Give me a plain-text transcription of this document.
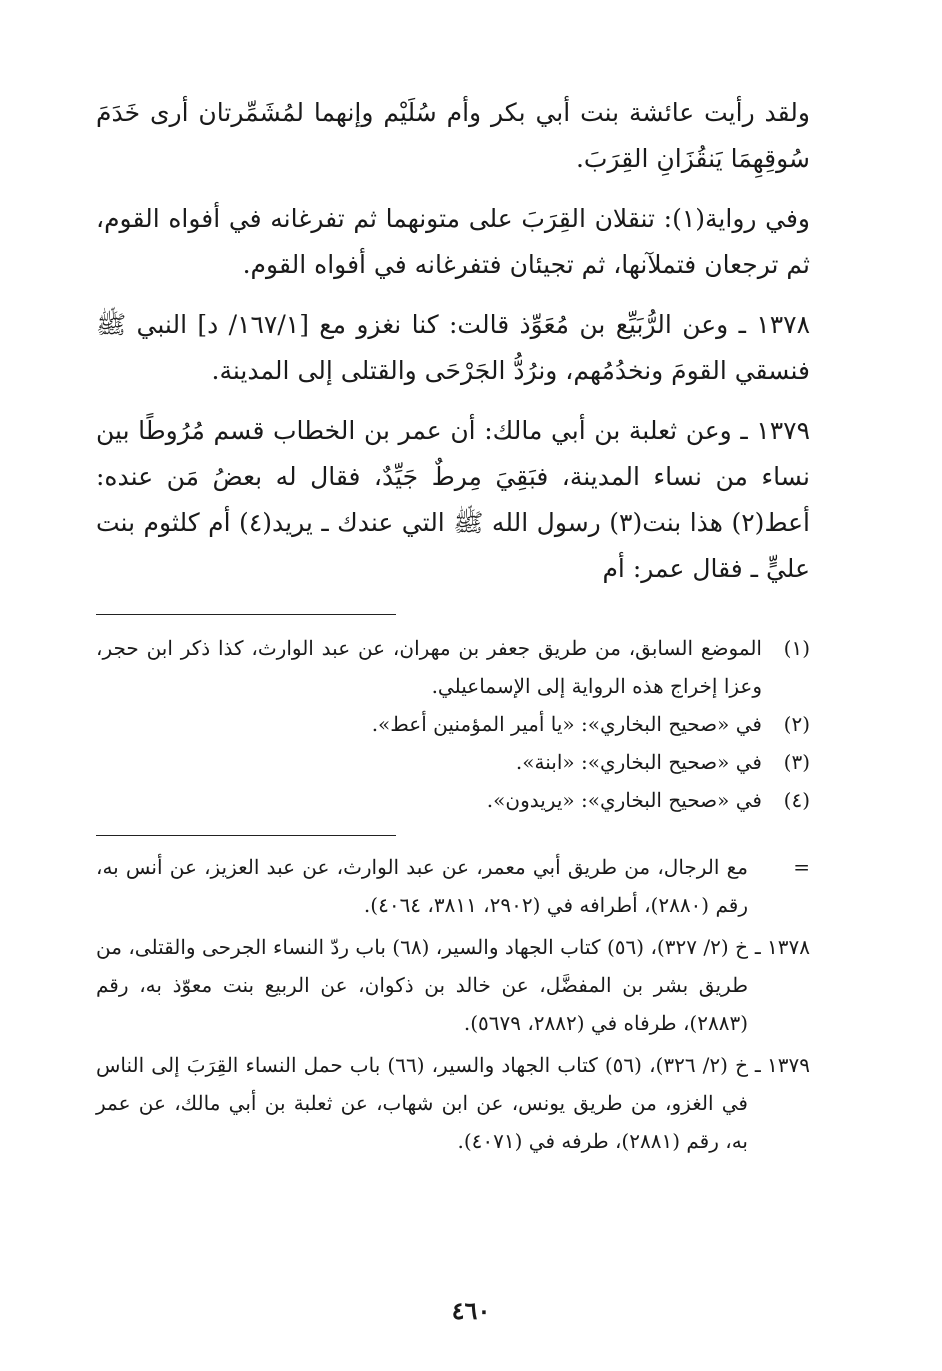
ولقد رأيت عائشة بنت أبي بكر وأم سُلَيْم وإنهما لمُشَمِّرتان أرى خَدَمَ سُوقِهِمَا يَنقُزَانِ القِرَبَ.

وفي رواية(١): تنقلان القِرَبَ على متونهما ثم تفرغانه في أفواه القوم، ثم ترجعان فتملآنها، ثم تجيئان فتفرغانه في أفواه القوم.

١٣٧٨ ـ وعن الرُّبَيِّع بن مُعَوِّذ قالت: كنا نغزو مع [١٦٧/١/ د] النبي ﷺ فنسقي القومَ ونخدُمُهم، ونرُدُّ الجَرْحَى والقتلى إلى المدينة.

١٣٧٩ ـ وعن ثعلبة بن أبي مالك: أن عمر بن الخطاب قسم مُرُوطًا بين نساء من نساء المدينة، فبَقِيَ مِرطٌ جَيِّدٌ، فقال له بعضُ مَن عنده: أعط(٢) هذا بنت(٣) رسول الله ﷺ التي عندك ـ يريد(٤) أم كلثوم بنت عليٍّ ـ فقال عمر: أم

(١)
الموضع السابق، من طريق جعفر بن مهران، عن عبد الوارث، كذا ذكر ابن حجر، وعزا إخراج هذه الرواية إلى الإسماعيلي.
(٢)
في «صحيح البخاري»: «يا أمير المؤمنين أعط».
(٣)
في «صحيح البخاري»: «ابنة».
(٤)
في «صحيح البخاري»: «يريدون».
=
مع الرجال، من طريق أبي معمر، عن عبد الوارث، عن عبد العزيز، عن أنس به، رقم (٢٨٨٠)، أطرافه في (٢٩٠٢، ٣٨١١، ٤٠٦٤).
١٣٧٨ ـ
خ (٢/ ٣٢٧)، (٥٦) كتاب الجهاد والسير، (٦٨) باب ردّ النساء الجرحى والقتلى، من طريق بشر بن المفضَّل، عن خالد بن ذكوان، عن الربيع بنت معوّذ به، رقم (٢٨٨٣)، طرفاه في (٢٨٨٢، ٥٦٧٩).
١٣٧٩ ـ
خ (٢/ ٣٢٦)، (٥٦) كتاب الجهاد والسير، (٦٦) باب حمل النساء القِرَبَ إلى الناس في الغزو، من طريق يونس، عن ابن شهاب، عن ثعلبة بن أبي مالك، عن عمر به، رقم (٢٨٨١)، طرفه في (٤٠٧١).
٤٦٠
